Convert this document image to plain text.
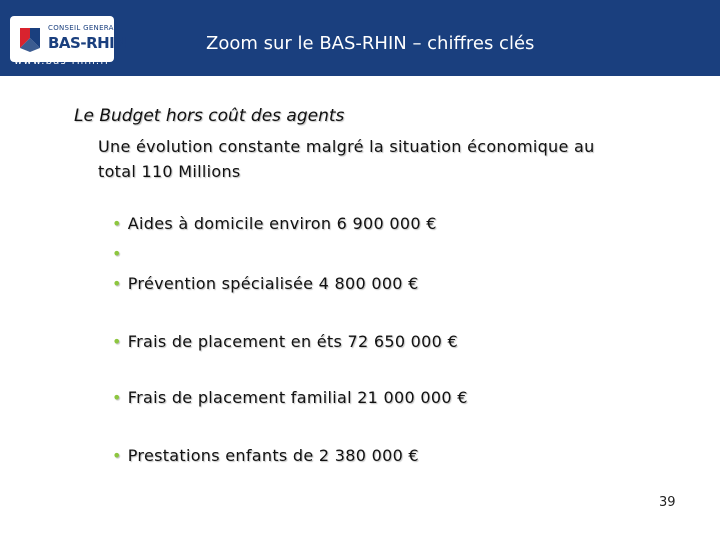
CONSEIL GENERAL
BAS-RHIN
www.bas-rhin.fr
Zoom sur le BAS-RHIN – chiffres clés
Le Budget hors coût des agents
Une évolution constante malgré la situation économique au total 110 Millions
• Aides à domicile environ 6 900 000 €
•
• Prévention spécialisée 4 800 000 €
• Frais de placement en éts 72 650 000 €
• Frais de placement familial 21 000 000 €
• Prestations enfants de 2 380 000 €
39
